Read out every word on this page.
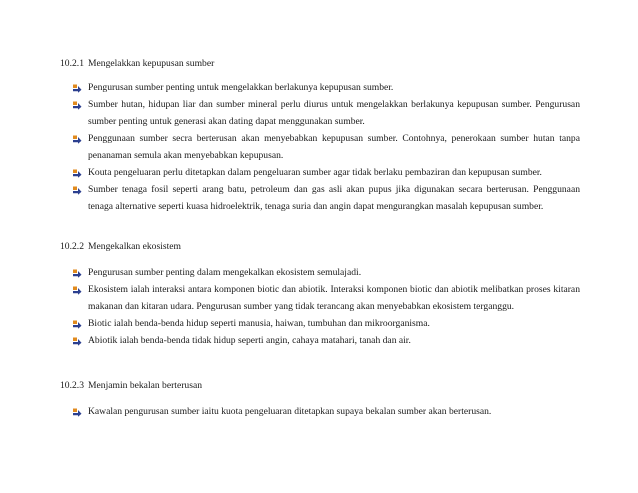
10.2.1 Mengelakkan kepupusan sumber
Pengurusan sumber penting untuk mengelakkan berlakunya kepupusan sumber.
Sumber hutan, hidupan liar dan sumber mineral perlu diurus untuk mengelakkan berlakunya kepupusan sumber. Pengurusan
sumber penting untuk generasi akan dating dapat menggunakan sumber.
Penggunaan sumber secra berterusan akan menyebabkan kepupusan sumber. Contohnya, penerokaan sumber hutan tanpa
penanaman semula akan menyebabkan kepupusan.
Kouta pengeluaran perlu ditetapkan dalam pengeluaran sumber agar tidak berlaku pembaziran dan kepupusan sumber.
Sumber tenaga fosil seperti arang batu, petroleum dan gas asli akan pupus jika digunakan secara berterusan. Penggunaan
tenaga alternative seperti kuasa hidroelektrik, tenaga suria dan angin dapat mengurangkan masalah kepupusan sumber.
10.2.2 Mengekalkan ekosistem
Pengurusan sumber penting dalam mengekalkan ekosistem semulajadi.
Ekosistem ialah interaksi antara komponen biotic dan abiotik. Interaksi komponen biotic dan abiotik melibatkan proses kitaran
makanan dan kitaran udara. Pengurusan sumber yang tidak terancang akan menyebabkan ekosistem terganggu.
Biotic ialah benda-benda hidup seperti manusia, haiwan, tumbuhan dan mikroorganisma.
Abiotik ialah benda-benda tidak hidup seperti angin, cahaya matahari, tanah dan air.
10.2.3 Menjamin bekalan berterusan
Kawalan pengurusan sumber iaitu kuota pengeluaran ditetapkan supaya bekalan sumber akan berterusan.
